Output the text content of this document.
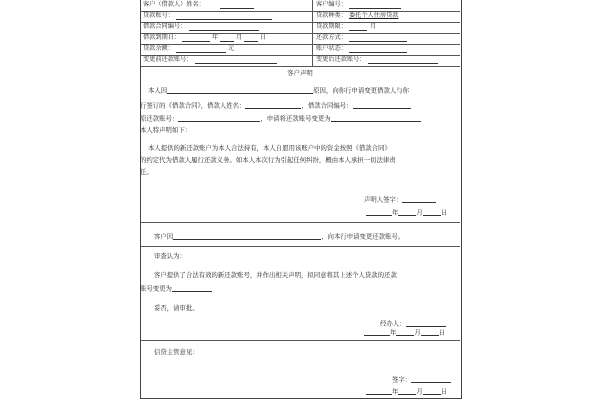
客户（借款人）姓名：	客户编号：
贷款账号：	贷款种类： 委托个人住房贷款
借款合同编号：	贷款期限：	月
借款到期日：	年	月	日	还款方式：
贷款余额：	元	账户状态：
变更前还款账号：	变更后还款账号：
客户声明
本人因	原因，向你行申请变更借款人与你
行签订的《借款合同》，借款人姓名：	，借款合同编号：
原还款账号：	，申请将还款账号变更为
本人特声明如下：
本人提供的新还款账户为本人合法持有，本人自愿用该账户中的资金按照《借款合同》
的约定代为借款人履行还款义务。如本人本次行为引起任何纠纷，概由本人承担一切法律责
任。
声明人签字：
年	月	日
客户因	，向本行申请变更还款账号。
审查认为：
客户提供了合法有效的新还款账号，并作出相关声明，拟同意将其上述个人贷款的还款
账号变更为
妥否，请审批。
经办人：
年	月	日
信贷主管意见：
签字：
年	月	日
